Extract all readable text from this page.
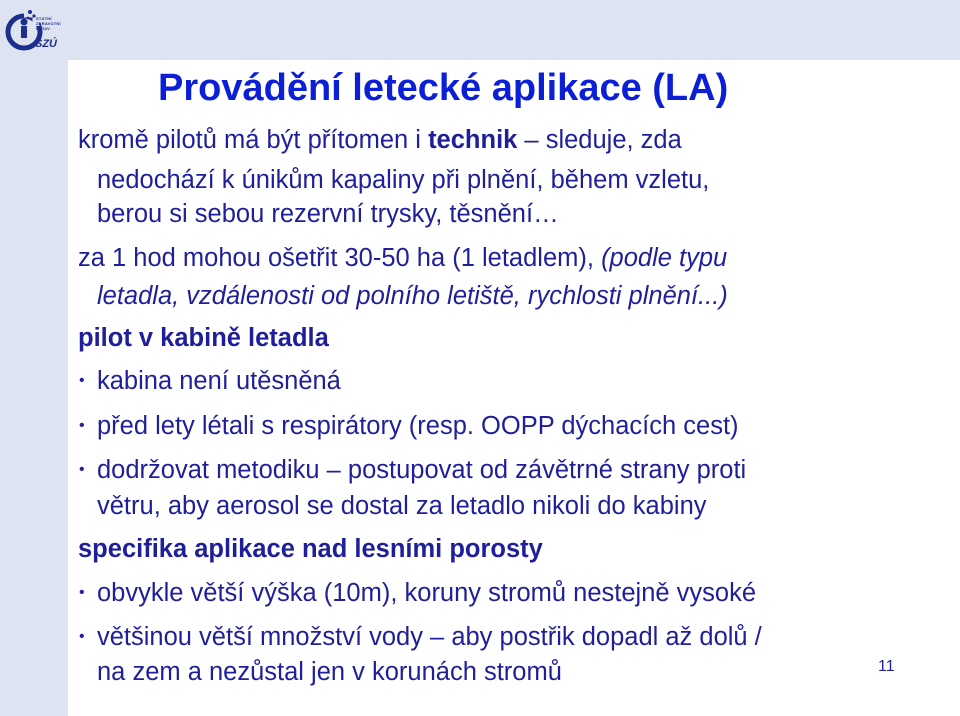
STÁTNÍ
ZDRAVOTNÍ
ÚSTAV
SZÚ
Provádění letecké aplikace (LA)
kromě pilotů má být přítomen i technik – sleduje, zda
nedochází k únikům kapaliny při plnění, během vzletu,
berou si sebou rezervní trysky, těsnění…
za 1 hod mohou ošetřit 30-50 ha (1 letadlem), (podle typu
letadla, vzdálenosti od polního letiště, rychlosti plnění...)
pilot v kabině letadla
• kabina není utěsněná
• před lety létali s respirátory (resp. OOPP dýchacích cest)
• dodržovat metodiku – postupovat od závětrné strany proti
větru, aby aerosol se dostal za letadlo nikoli do kabiny
specifika aplikace nad lesními porosty
• obvykle větší výška (10m), koruny stromů nestejně vysoké
• většinou větší množství vody – aby postřik dopadl až dolů /
na zem a nezůstal jen v korunách stromů	11
